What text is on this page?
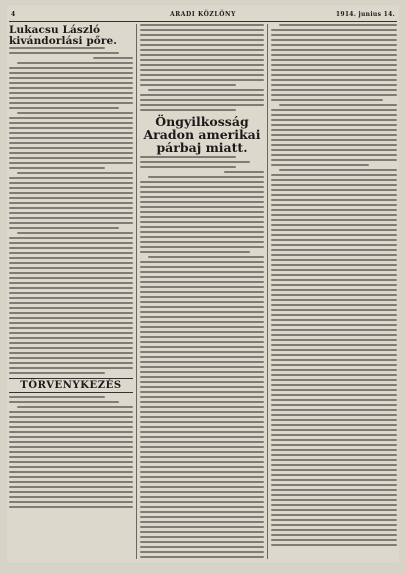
4	ARADI KÖZLÖNY	1914. junius 14.
Lukacsu László
kivándorlási pőre.
TÖRVENYKEZÉS
Öngyilkosság Aradon amerikai párbaj miatt.
